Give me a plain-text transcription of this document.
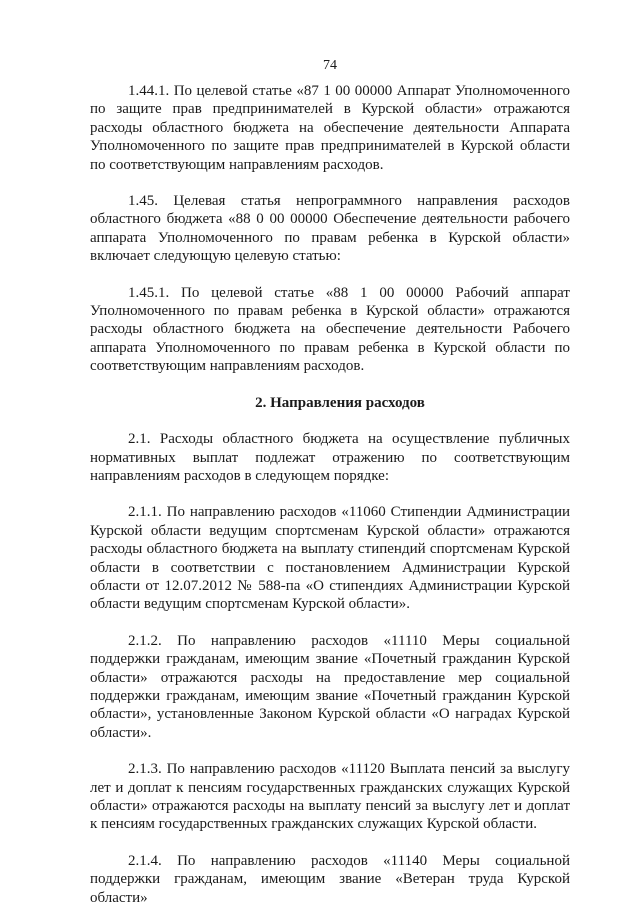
74

1.44.1. По целевой статье «87 1 00 00000 Аппарат Уполномоченного по защите прав предпринимателей в Курской области» отражаются расходы областного бюджета на обеспечение деятельности Аппарата Уполномоченного по защите прав предпринимателей в Курской области по соответствующим направлениям расходов.

1.45. Целевая статья непрограммного направления расходов областного бюджета «88 0 00 00000 Обеспечение деятельности рабочего аппарата Уполномоченного по правам ребенка в Курской области» включает следующую целевую статью:

1.45.1. По целевой статье «88 1 00 00000 Рабочий аппарат Уполномоченного по правам ребенка в Курской области» отражаются расходы областного бюджета на обеспечение деятельности Рабочего аппарата Уполномоченного по правам ребенка в Курской области по соответствующим направлениям расходов.

2. Направления расходов

2.1. Расходы областного бюджета на осуществление публичных нормативных выплат подлежат отражению по соответствующим направлениям расходов в следующем порядке:

2.1.1. По направлению расходов «11060 Стипендии Администрации Курской области ведущим спортсменам Курской области» отражаются расходы областного бюджета на выплату стипендий спортсменам Курской области в соответствии с постановлением Администрации Курской области от 12.07.2012 № 588-па «О стипендиях Администрации Курской области ведущим спортсменам Курской области».

2.1.2. По направлению расходов «11110 Меры социальной поддержки гражданам, имеющим звание «Почетный гражданин Курской области» отражаются расходы на предоставление мер социальной поддержки гражданам, имеющим звание «Почетный гражданин Курской области», установленные Законом Курской области «О наградах Курской области».

2.1.3. По направлению расходов «11120 Выплата пенсий за выслугу лет и доплат к пенсиям государственных гражданских служащих Курской области» отражаются расходы на выплату пенсий за выслугу лет и доплат к пенсиям государственных гражданских служащих Курской области.

2.1.4. По направлению расходов «11140 Меры социальной поддержки гражданам, имеющим звание «Ветеран труда Курской области»
